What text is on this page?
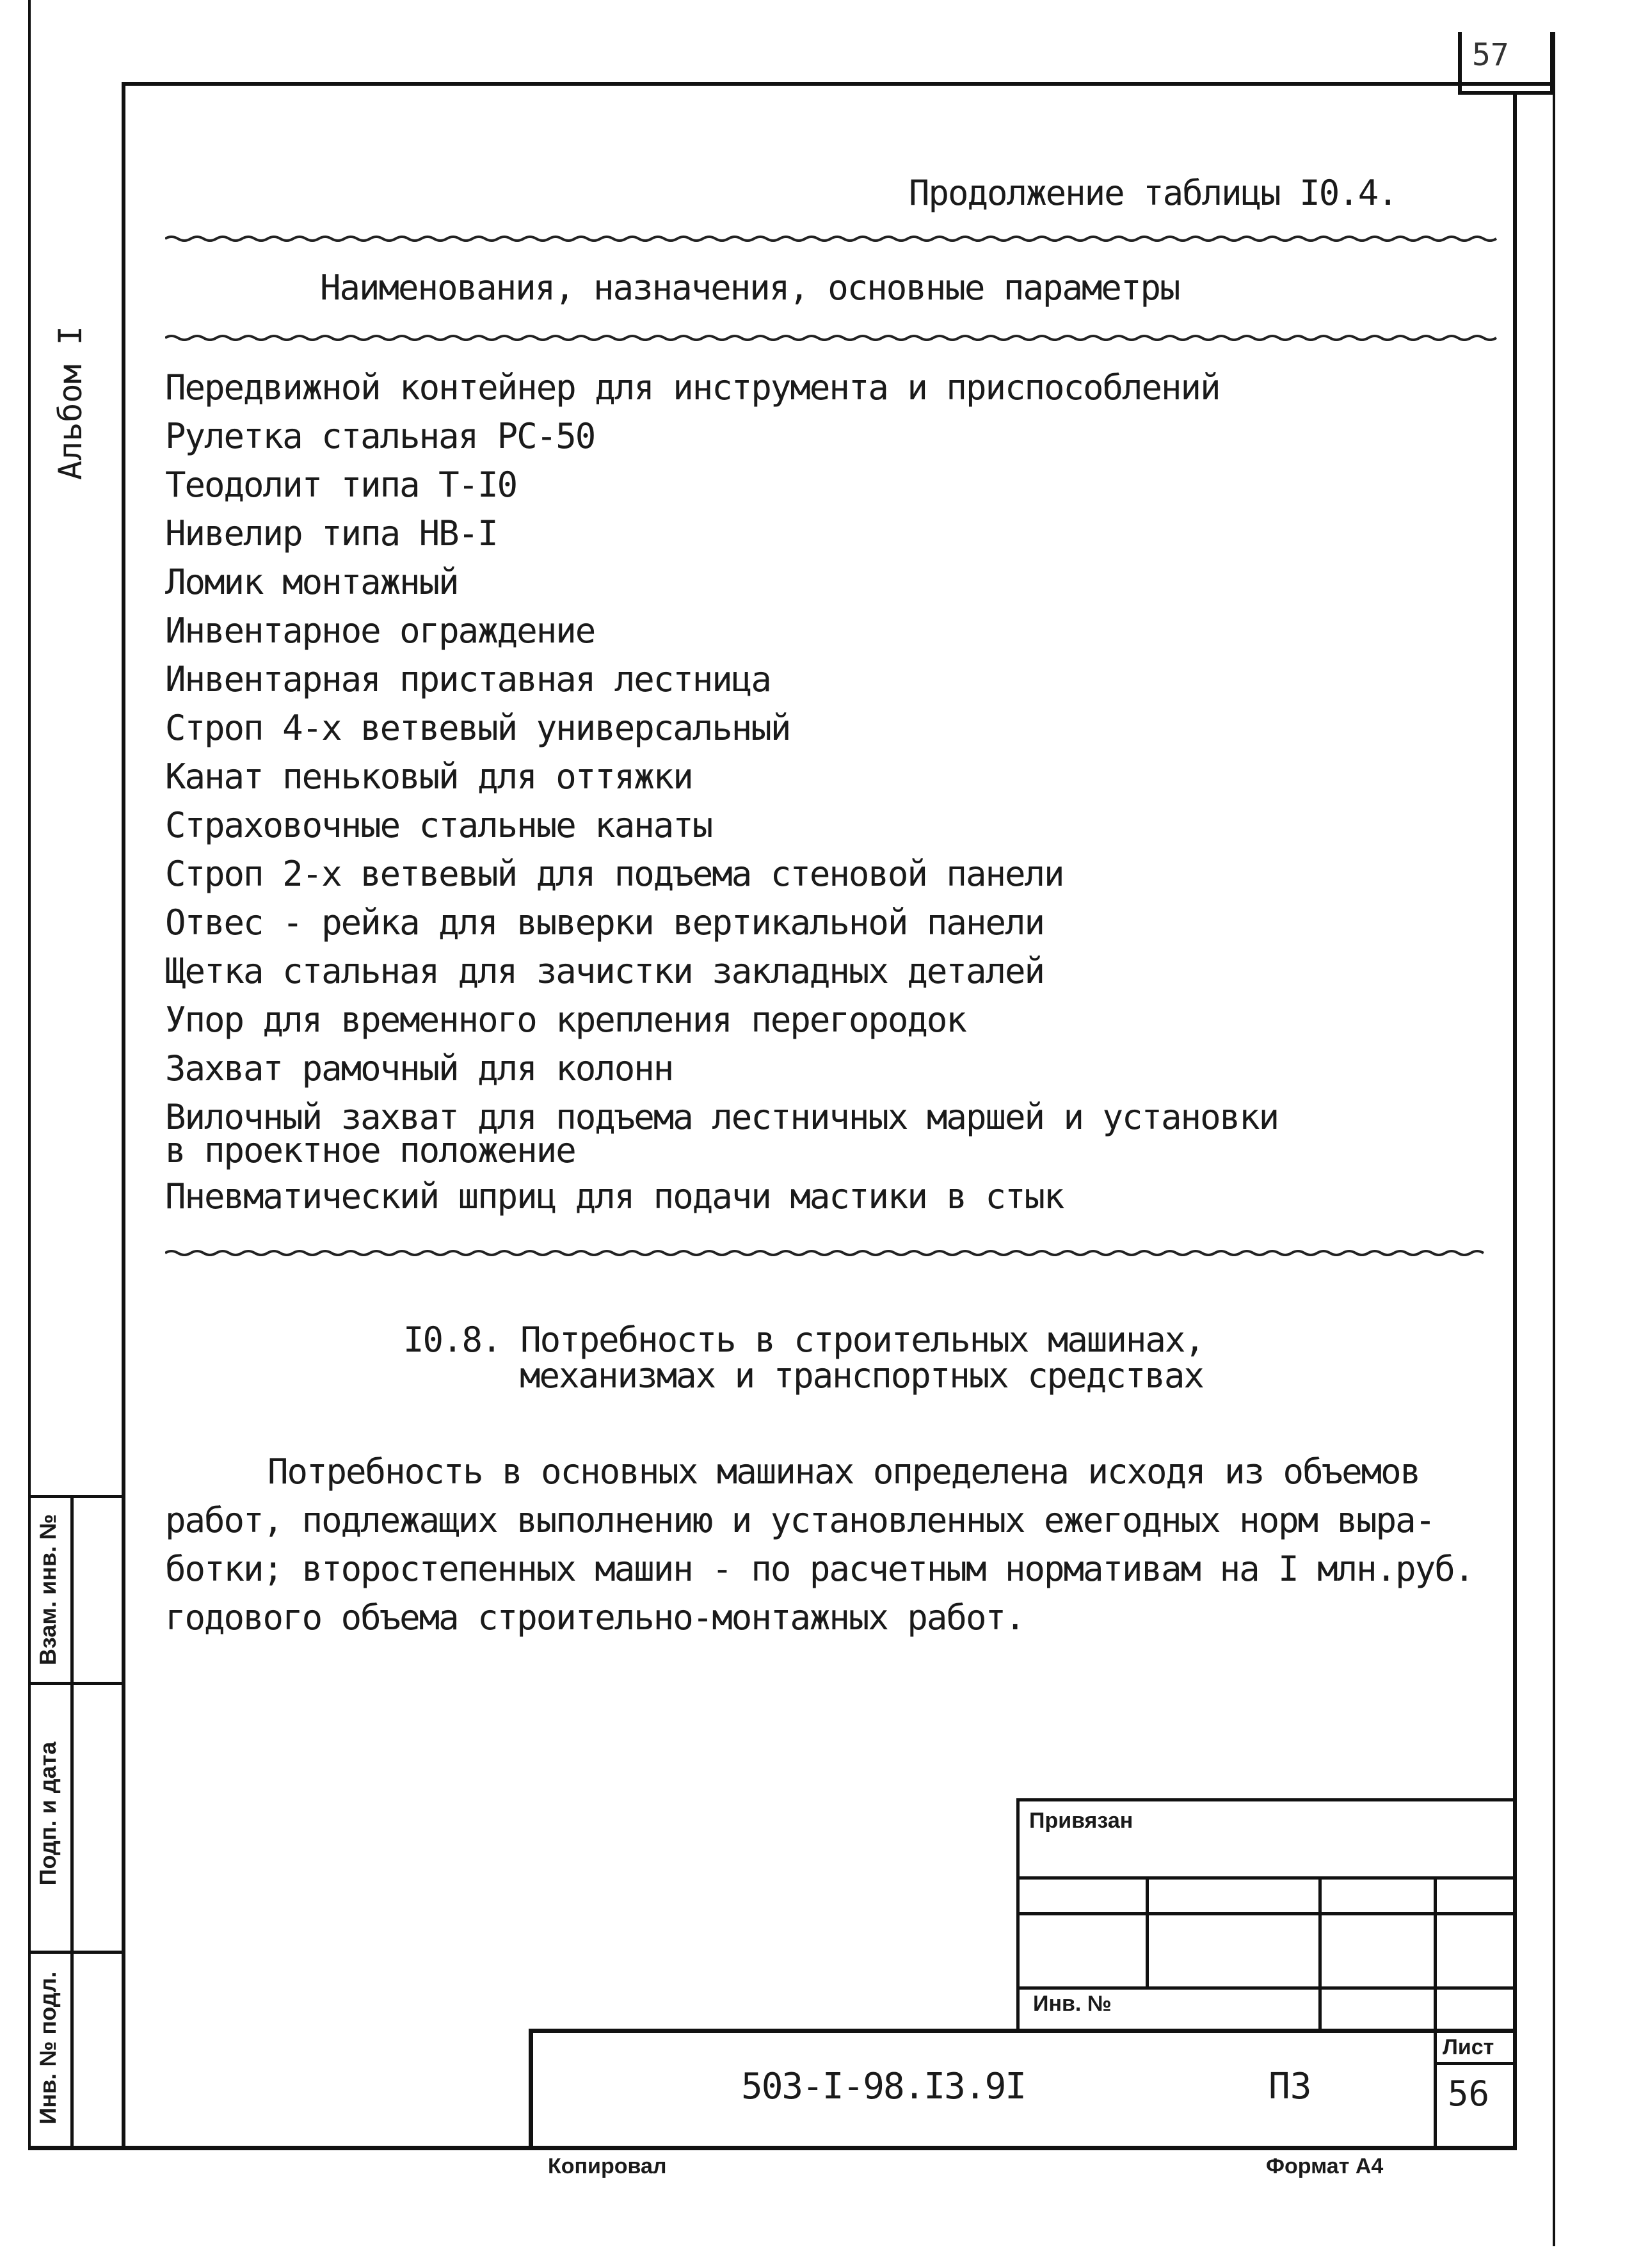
57
Альбом I
Продолжение таблицы I0.4.
Наименования, назначения, основные параметры
Передвижной контейнер для инструмента и приспособлений
Рулетка стальная РС-50
Теодолит типа Т-I0
Нивелир типа НВ-I
Ломик монтажный
Инвентарное ограждение
Инвентарная приставная лестница
Строп 4-х ветвевый универсальный
Канат пеньковый для оттяжки
Страховочные стальные канаты
Строп 2-х ветвевый для подъема стеновой панели
Отвес - рейка для выверки вертикальной панели
Щетка стальная для зачистки закладных деталей
Упор для временного крепления перегородок
Захват рамочный для колонн
Вилочный захват для подъема лестничных маршей и установки
в проектное положение
Пневматический шприц для подачи мастики в стык
I0.8. Потребность в строительных машинах,
механизмах и транспортных средствах
Потребность в основных машинах определена исходя из объемов
работ, подлежащих выполнению и установленных ежегодных норм выра-
ботки; второстепенных машин - по расчетным нормативам на I млн.руб.
годового объема строительно-монтажных работ.
Взам. инв. №
Подп. и дата
Инв. № подл.
Привязан
Инв. №
503-I-98.I3.9I	ПЗ
Лист
56
Копировал	Формат А4
